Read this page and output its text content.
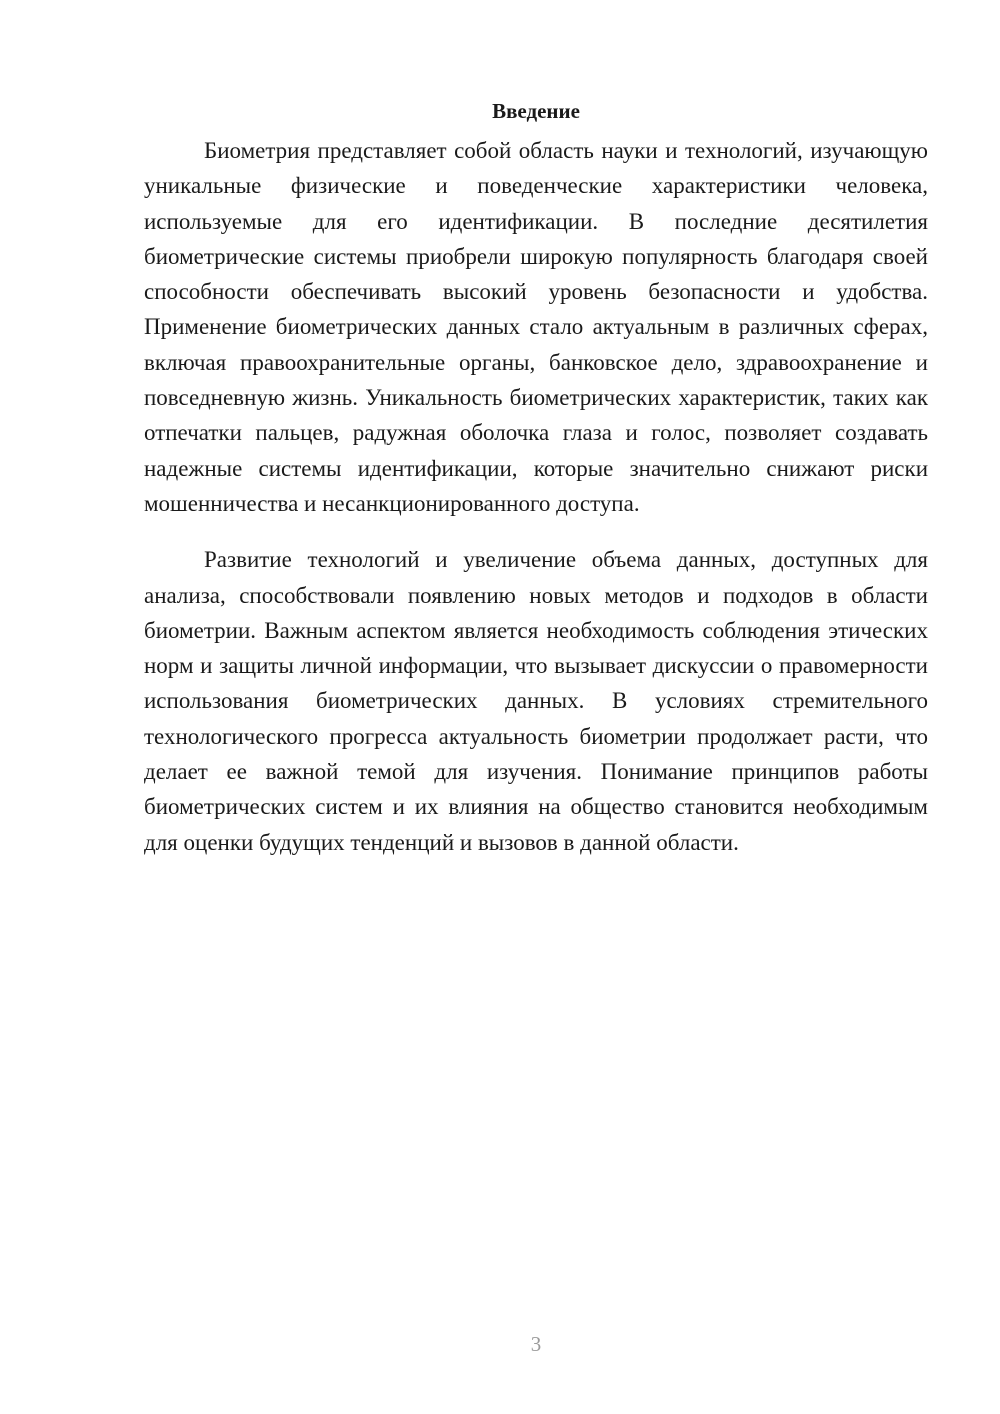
Введение

Биометрия представляет собой область науки и технологий, изучающую уникальные физические и поведенческие характеристики человека, используемые для его идентификации. В последние десятилетия биометрические системы приобрели широкую популярность благодаря своей способности обеспечивать высокий уровень безопасности и удобства. Применение биометрических данных стало актуальным в различных сферах, включая правоохранительные органы, банковское дело, здравоохранение и повседневную жизнь. Уникальность биометрических характеристик, таких как отпечатки пальцев, радужная оболочка глаза и голос, позволяет создавать надежные системы идентификации, которые значительно снижают риски мошенничества и несанкционированного доступа.

Развитие технологий и увеличение объема данных, доступных для анализа, способствовали появлению новых методов и подходов в области биометрии. Важным аспектом является необходимость соблюдения этических норм и защиты личной информации, что вызывает дискуссии о правомерности использования биометрических данных. В условиях стремительного технологического прогресса актуальность биометрии продолжает расти, что делает ее важной темой для изучения. Понимание принципов работы биометрических систем и их влияния на общество становится необходимым для оценки будущих тенденций и вызовов в данной области.

3
